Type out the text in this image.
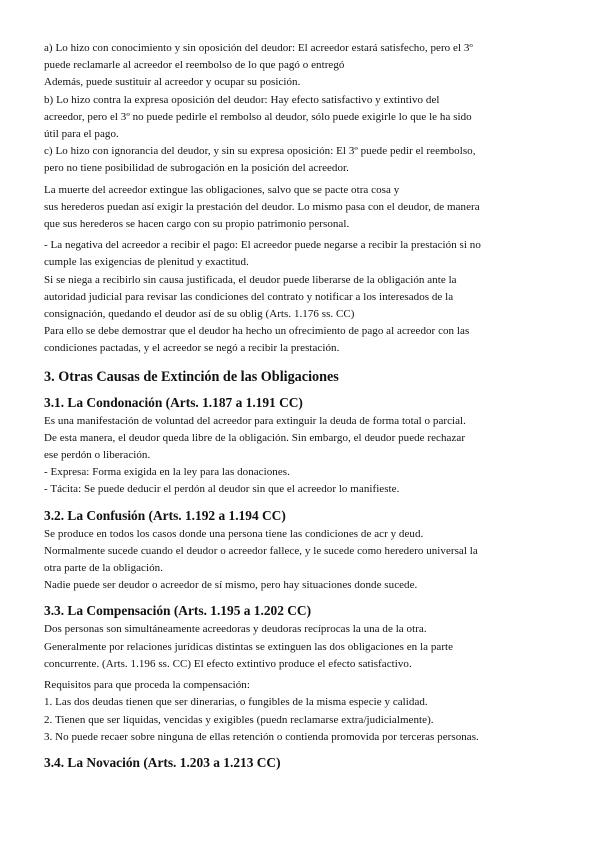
a) Lo hizo con conocimiento y sin oposición del deudor: El acreedor estará satisfecho, pero el 3º

puede reclamarle al acreedor el reembolso de lo que pagó o entregó

Además, puede sustituir al acreedor y ocupar su posición.

b) Lo hizo contra la expresa oposición del deudor: Hay efecto satisfactivo y extintivo del

acreedor, pero el 3º no puede pedirle el rembolso al deudor, sólo puede exigirle lo que le ha sido

útil para el pago.

c) Lo hizo con ignorancia del deudor, y sin su expresa oposición: El 3º puede pedir el reembolso,

pero no tiene posibilidad de subrogación en la posición del acreedor.

La muerte del acreedor extingue las obligaciones, salvo que se pacte otra cosa y

sus herederos puedan así exigir la prestación del deudor. Lo mismo pasa con el deudor, de manera

que sus herederos se hacen cargo con su propio patrimonio personal.

- La negativa del acreedor a recibir el pago: El acreedor puede negarse a recibir la prestación si no

cumple las exigencias de plenitud y exactitud.

Si se niega a recibirlo sin causa justificada, el deudor puede liberarse de la obligación ante la

autoridad judicial para revisar las condiciones del contrato y notificar a los interesados de la

consignación, quedando el deudor así de su oblig (Arts. 1.176 ss. CC)

Para ello se debe demostrar que el deudor ha hecho un ofrecimiento de pago al acreedor con las

condiciones pactadas, y el acreedor se negó a recibir la prestación.

3. Otras Causas de Extinción de las Obligaciones
3.1. La Condonación (Arts. 1.187 a 1.191 CC)

Es una manifestación de voluntad del acreedor para extinguir la deuda de forma total o parcial.

De esta manera, el deudor queda libre de la obligación. Sin embargo, el deudor puede rechazar

ese perdón o liberación.

- Expresa: Forma exigida en la ley para las donaciones.

- Tácita: Se puede deducir el perdón al deudor sin que el acreedor lo manifieste.

3.2. La Confusión (Arts. 1.192 a 1.194 CC)

Se produce en todos los casos donde una persona tiene las condiciones de acr y deud.

Normalmente sucede cuando el deudor o acreedor fallece, y le sucede como heredero universal la

otra parte de la obligación.

Nadie puede ser deudor o acreedor de sí mismo, pero hay situaciones donde sucede.

3.3. La Compensación (Arts. 1.195 a 1.202 CC)

Dos personas son simultáneamente acreedoras y deudoras recíprocas la una de la otra.

Generalmente por relaciones jurídicas distintas se extinguen las dos obligaciones en la parte

concurrente. (Arts. 1.196 ss. CC) El efecto extintivo produce el efecto satisfactivo.

Requisitos para que proceda la compensación:

1. Las dos deudas tienen que ser dinerarias, o fungibles de la misma especie y calidad.

2. Tienen que ser líquidas, vencidas y exigibles (puedn reclamarse extra/judicialmente).

3. No puede recaer sobre ninguna de ellas retención o contienda promovida por terceras personas.

3.4. La Novación (Arts. 1.203 a 1.213 CC)
